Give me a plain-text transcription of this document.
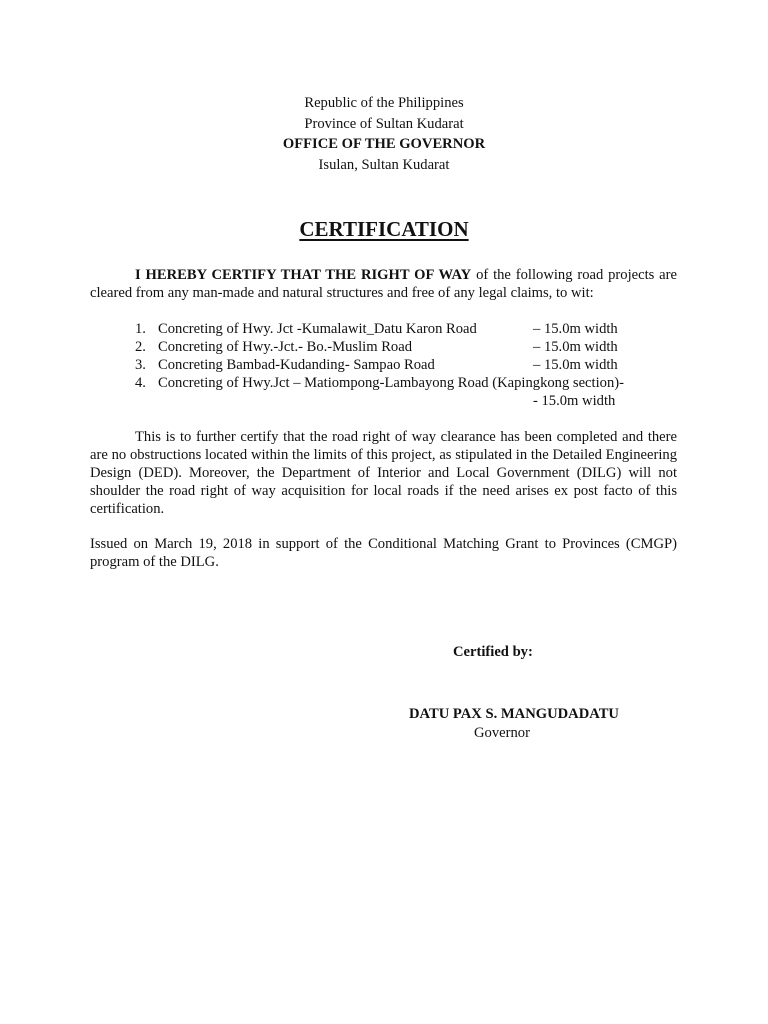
Republic of the Philippines
Province of Sultan Kudarat
OFFICE OF THE GOVERNOR
Isulan, Sultan Kudarat
CERTIFICATION
I HEREBY CERTIFY THAT THE RIGHT OF WAY of the following road projects are cleared from any man-made and natural structures and free of any legal claims, to wit:
1. Concreting of Hwy. Jct -Kumalawit_Datu Karon Road	– 15.0m width
2. Concreting of Hwy.-Jct.- Bo.-Muslim Road	– 15.0m width
3. Concreting Bambad-Kudanding- Sampao Road	– 15.0m width
4. Concreting of Hwy.Jct – Matiompong-Lambayong Road (Kapingkong section)-
- 15.0m width
This is to further certify that the road right of way clearance has been completed and there are no obstructions located within the limits of this project, as stipulated in the Detailed Engineering Design (DED). Moreover, the Department of Interior and Local Government (DILG) will not shoulder the road right of way acquisition for local roads if the need arises ex post facto of this certification.
Issued on March 19, 2018 in support of the Conditional Matching Grant to Provinces (CMGP) program of the DILG.
Certified by:
DATU PAX S. MANGUDADATU
Governor
